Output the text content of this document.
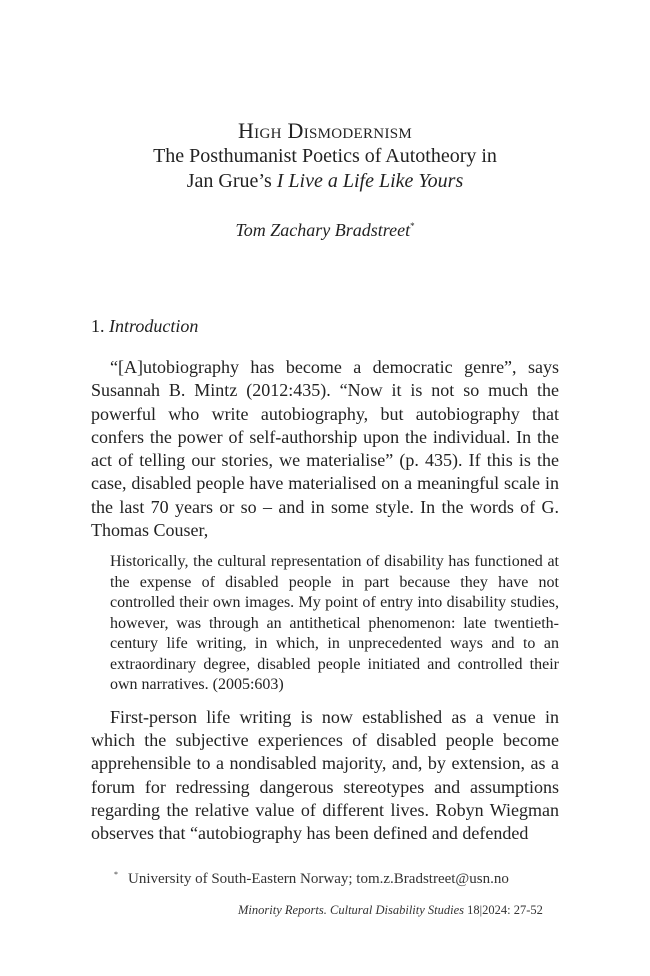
High Dismodernism
The Posthumanist Poetics of Autotheory in
Jan Grue’s I Live a Life Like Yours
Tom Zachary Bradstreet*
1. Introduction

“[A]utobiography has become a democratic genre”, says Susannah B. Mintz (2012:435). “Now it is not so much the powerful who write autobiography, but autobiography that confers the power of self-authorship upon the individual. In the act of telling our stories, we materialise” (p. 435). If this is the case, disabled people have materialised on a meaningful scale in the last 70 years or so – and in some style. In the words of G. Thomas Couser,

Historically, the cultural representation of disability has functioned at the expense of disabled people in part because they have not controlled their own images. My point of entry into disability studies, however, was through an antithetical phenomenon: late twentieth-century life writing, in which, in unprecedented ways and to an extraordinary degree, disabled people initiated and controlled their own narratives. (2005:603)

First-person life writing is now established as a venue in which the subjective experiences of disabled people become apprehensible to a nondisabled majority, and, by extension, as a forum for redressing dangerous stereotypes and assumptions regarding the relative value of different lives. Robyn Wiegman observes that “autobiography has been defined and defended

* University of South-Eastern Norway; tom.z.Bradstreet@usn.no
Minority Reports. Cultural Disability Studies 18|2024: 27-52
